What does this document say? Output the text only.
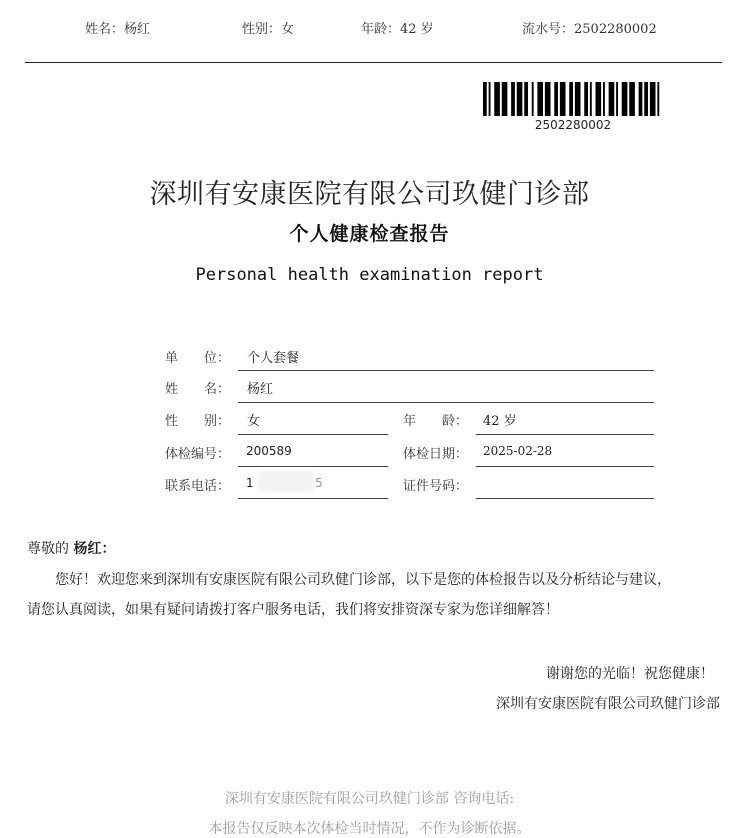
姓名：杨红	性别：女	年龄：42 岁	流水号：2502280002
2502280002
深圳有安康医院有限公司玖健门诊部
个人健康检查报告
Personal health examination report
单　　位： 个人套餐
姓　　名： 杨红
性　　别： 女	年　　龄： 42 岁
体检编号： 200589	体检日期： 2025-02-28
联系电话： 1	5	证件号码：
尊敬的 杨红：
您好！欢迎您来到深圳有安康医院有限公司玖健门诊部，以下是您的体检报告以及分析结论与建议，
请您认真阅读，如果有疑问请拨打客户服务电话，我们将安排资深专家为您详细解答！
谢谢您的光临！祝您健康！
深圳有安康医院有限公司玖健门诊部
深圳有安康医院有限公司玖健门诊部 咨询电话:
本报告仅反映本次体检当时情况，不作为诊断依据。
